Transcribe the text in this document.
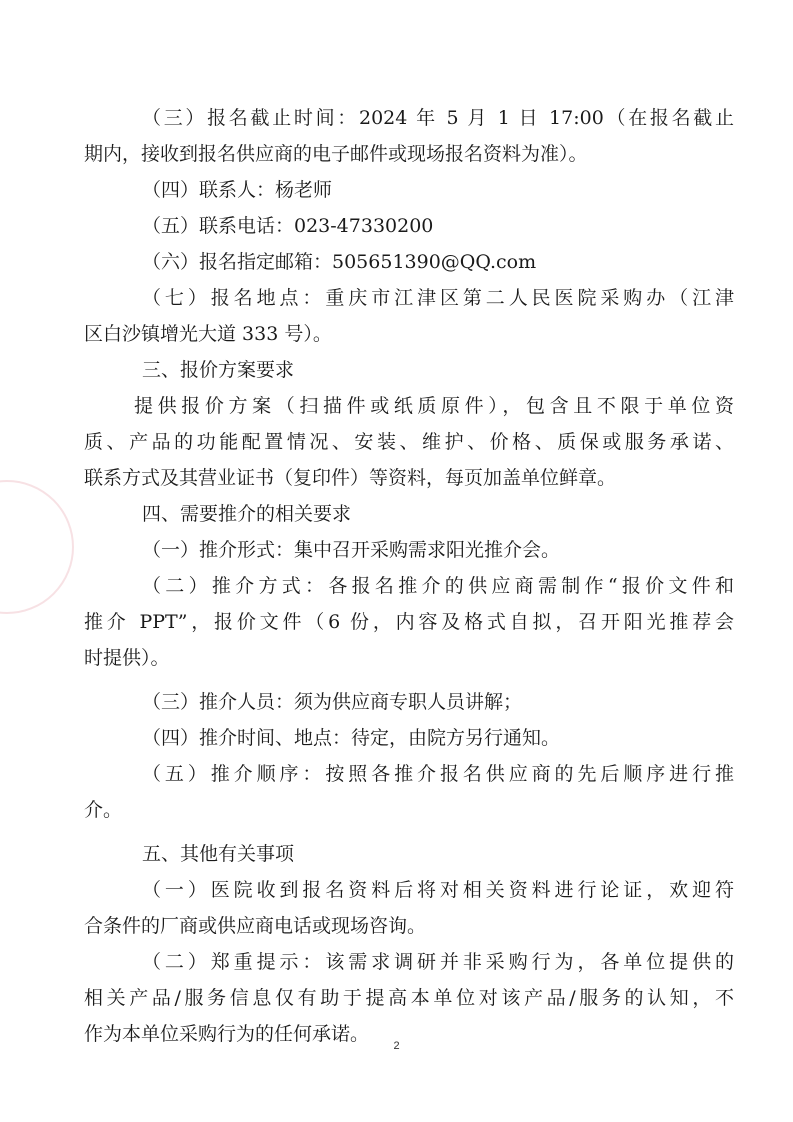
（三）报名截止时间：2024 年 5 月 1 日 17:00（在报名截止
期内，接收到报名供应商的电子邮件或现场报名资料为准）。
（四）联系人：杨老师
（五）联系电话：023-47330200
（六）报名指定邮箱：505651390@QQ.com
（七）报名地点：重庆市江津区第二人民医院采购办（江津
区白沙镇增光大道 333 号）。
三、报价方案要求
提供报价方案（扫描件或纸质原件），包含且不限于单位资
质、产品的功能配置情况、安装、维护、价格、质保或服务承诺、
联系方式及其营业证书（复印件）等资料，每页加盖单位鲜章。
四、需要推介的相关要求
（一）推介形式：集中召开采购需求阳光推介会。
（二）推介方式：各报名推介的供应商需制作“报价文件和
推介 PPT”，报价文件（6 份，内容及格式自拟，召开阳光推荐会
时提供）。
（三）推介人员：须为供应商专职人员讲解；
（四）推介时间、地点：待定，由院方另行通知。
（五）推介顺序：按照各推介报名供应商的先后顺序进行推
介。
五、其他有关事项
（一）医院收到报名资料后将对相关资料进行论证，欢迎符
合条件的厂商或供应商电话或现场咨询。
（二）郑重提示：该需求调研并非采购行为，各单位提供的
相关产品/服务信息仅有助于提高本单位对该产品/服务的认知，不
作为本单位采购行为的任何承诺。
2
